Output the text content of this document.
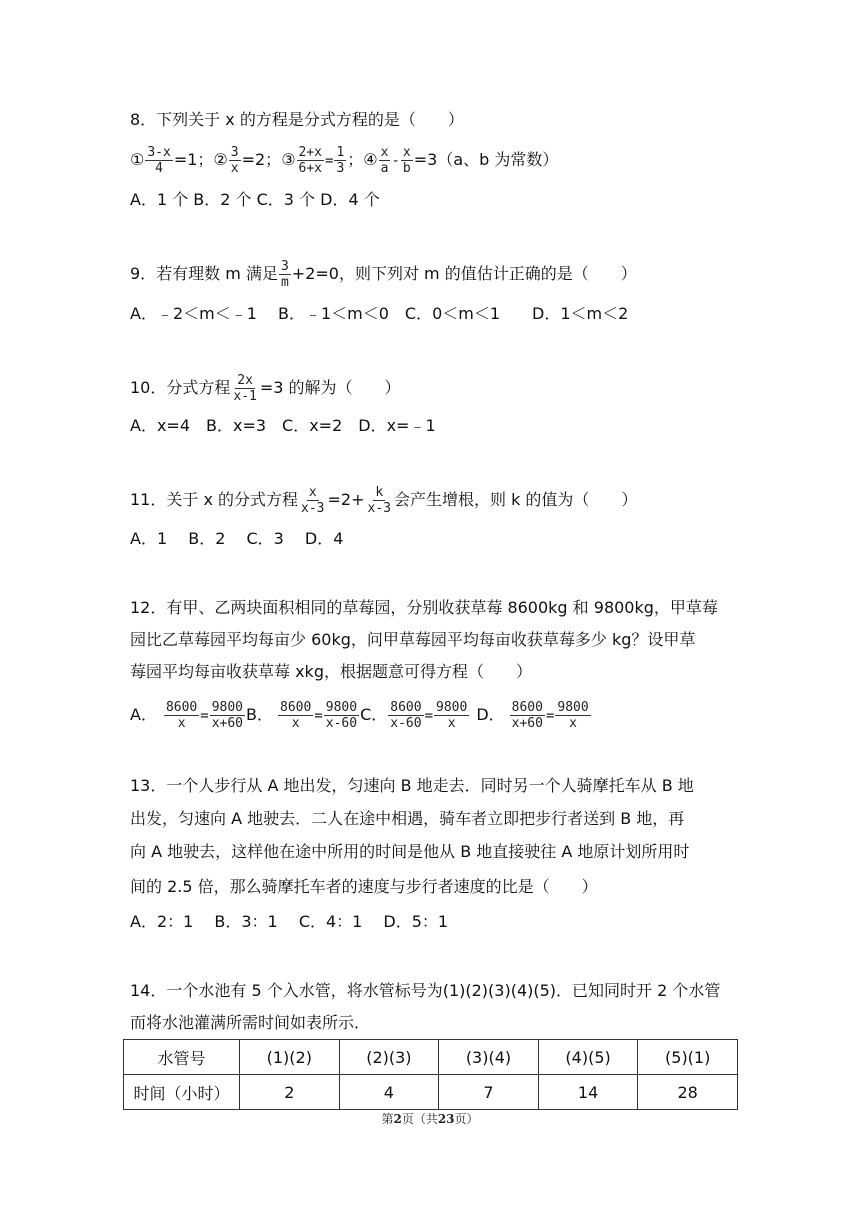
8．下列关于 x 的方程是分式方程的是（　　）
① $\frac{3-x}{4} =1$；② $\frac{3}{x} =2$；③ $\frac{2+x}{6+x} = \frac{1}{3}$ ；④ $\frac{x}{a} - \frac{x}{b} =3(a$、b 为常数）
A．1 个 B．2 个 C．3 个 D．4 个
9．若有理数 m 满足 $\frac{3}{m} +2=0$，则下列对 m 的值估计正确的是（　　）
A．﹣2＜m＜﹣1　 B．﹣1＜m＜0　C．0＜m＜1　　D．1＜m＜2
10．分式方程 $\frac{2x}{x-1} =3$ 的解为（　　）
A．x=4　B．x=3　C．x=2　D．x=﹣1
11．关于 x 的分式方程 $\frac{x}{x-3} =2+ \frac{k}{x-3}$ 会产生增根，则 k 的值为（　　）
A．1　 B．2　 C．3　 D．4
12．有甲、乙两块面积相同的草莓园，分别收获草莓 8600kg 和 9800kg，甲草莓
园比乙草莓园平均每亩少 60kg，问甲草莓园平均每亩收获草莓多少 kg？设甲草
莓园平均每亩收获草莓 xkg，根据题意可得方程（　　）
A． $\frac{8600}{x} = \frac{9800}{x+60}$ B． $\frac{8600}{x} = \frac{9800}{x-60}$ C． $\frac{8600}{x-60} = \frac{9800}{x}$ D． $\frac{8600}{x+60} = \frac{9800}{x}$
13．一个人步行从 A 地出发，匀速向 B 地走去．同时另一个人骑摩托车从 B 地
出发，匀速向 A 地驶去．二人在途中相遇，骑车者立即把步行者送到 B 地，再
向 A 地驶去，这样他在途中所用的时间是他从 B 地直接驶往 A 地原计划所用时
间的 2.5 倍，那么骑摩托车者的速度与步行者速度的比是（　　）
A．2：1　 B．3：1　 C．4：1　 D．5：1
14．一个水池有 5 个入水管，将水管标号为(1)(2)(3)(4)(5)．已知同时开 2 个水管
而将水池灌满所需时间如表所示．
水管号	(1)(2)	(2)(3)	(3)(4)	(4)(5)	(5)(1)
时间（小时）	2	4	7	14	28
第2页（共23页）
